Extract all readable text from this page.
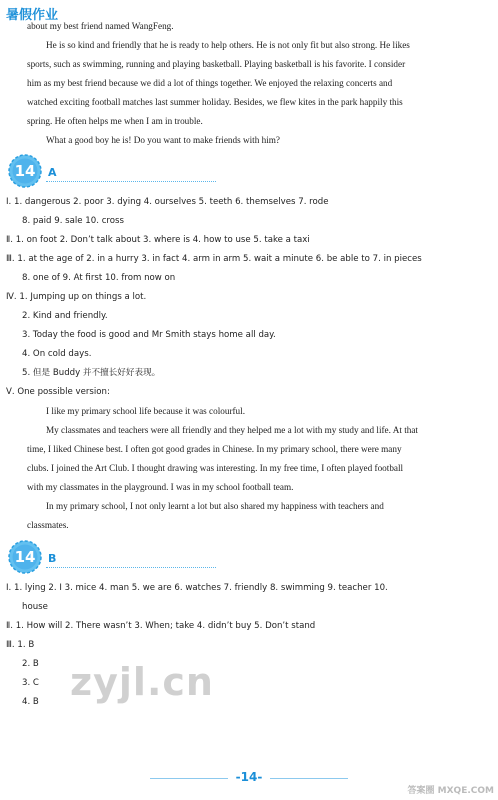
暑假作业
about my best friend named WangFeng.
He is so kind and friendly that he is ready to help others. He is not only fit but also strong. He likes
sports, such as swimming, running and playing basketball. Playing basketball is his favorite. I consider
him as my best friend because we did a lot of things together. We enjoyed the relaxing concerts and
watched exciting football matches last summer holiday. Besides, we flew kites in the park happily this
spring. He often helps me when I am in trouble.
What a good boy he is! Do you want to make friends with him?
14	A
Ⅰ. 1. dangerous 2. poor 3. dying 4. ourselves 5. teeth 6. themselves 7. rode
8. paid 9. sale 10. cross
Ⅱ. 1. on foot 2. Don’t talk about 3. where is 4. how to use 5. take a taxi
Ⅲ. 1. at the age of 2. in a hurry 3. in fact 4. arm in arm 5. wait a minute 6. be able to 7. in pieces
8. one of 9. At first 10. from now on
Ⅳ. 1. Jumping up on things a lot.
2. Kind and friendly.
3. Today the food is good and Mr Smith stays home all day.
4. On cold days.
5. 但是 Buddy 并不擅长好好表现。
Ⅴ. One possible version:
I like my primary school life because it was colourful.
My classmates and teachers were all friendly and they helped me a lot with my study and life. At that
time, I liked Chinese best. I often got good grades in Chinese. In my primary school, there were many
clubs. I joined the Art Club. I thought drawing was interesting. In my free time, I often played football
with my classmates in the playground. I was in my school football team.
In my primary school, I not only learnt a lot but also shared my happiness with teachers and
classmates.
14	B
Ⅰ. 1. lying 2. I 3. mice 4. man 5. we are 6. watches 7. friendly 8. swimming 9. teacher 10.
house
Ⅱ. 1. How will 2. There wasn’t 3. When; take 4. didn’t buy 5. Don’t stand
Ⅲ. 1. B
2. B
3. C
4. B zyjl.cn
答案圈 MXQE.COM
-14-
